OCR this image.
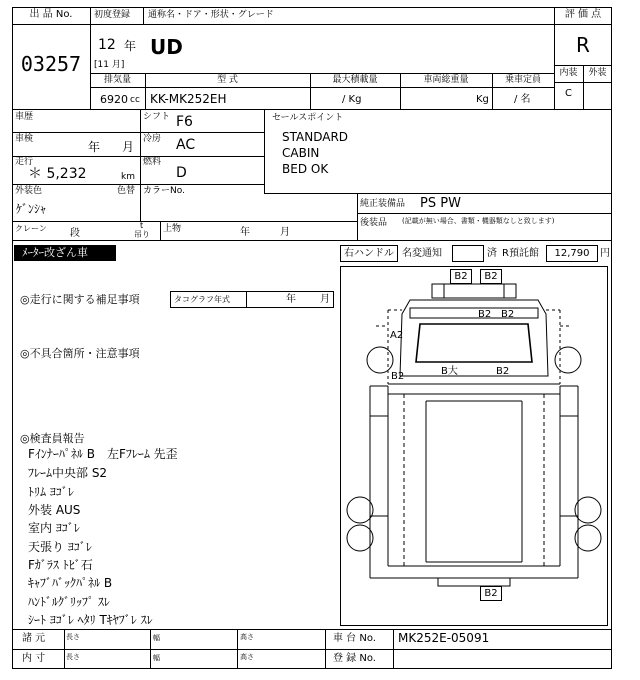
出 品 No.
03257
初度登録 通称名・ドア・形状・グレード
12 年
[11 月]
UD
評 価 点
R
内装	外装
C
排気量	型 式	最大積載量	車両総重量	乗車定員
6920 cc KK-MK252EH	/ Kg	Kg	/ 名
車歴
車検
年 月
走行
＊ 5,232	km
シフト F6
冷房 AC
燃料
D
外装色
ｹﾞﾝｼｬ
色替 カラーNo.
クレーン 段
t
吊り
上物	年	月
セールスポイント
STANDARD
CABIN
BED OK
純正装備品 PS PW
後装品 (記載が無い場合、書類・機器類なしと致します)
ﾒｰﾀｰ改ざん車	右ハンドル 名変通知	済 R預託館	12,790	円
◎走行に関する補足事項	タコグラフ年式	年 月
◎不具合箇所・注意事項
◎検査員報告
Fｲﾝﾅｰﾊﾟﾈﾙ B　左Fﾌﾚｰﾑ 先歪
ﾌﾚｰﾑ中央部 S2
ﾄﾘﾑ ﾖｺﾞﾚ
外装 AUS
室内 ﾖｺﾞﾚ
天張り ﾖｺﾞﾚ
Fｶﾞﾗｽ ﾄﾋﾞ石
ｷｬﾌﾞﾊﾞｯｸﾊﾟﾈﾙ B
ﾊﾝﾄﾞﾙｸﾞﾘｯﾌﾟ ｽﾚ
ｼｰﾄ ﾖｺﾞﾚ ﾍﾀﾘ Tｷﾔﾌﾞﾚ ｽﾚ
B2	B2
B2 B2
A2
B2	B大	B2
B2
諸 元
内 寸
長さ	幅	高さ
長さ	幅	高さ
車 台 No. MK252E-05091
登 録 No.
